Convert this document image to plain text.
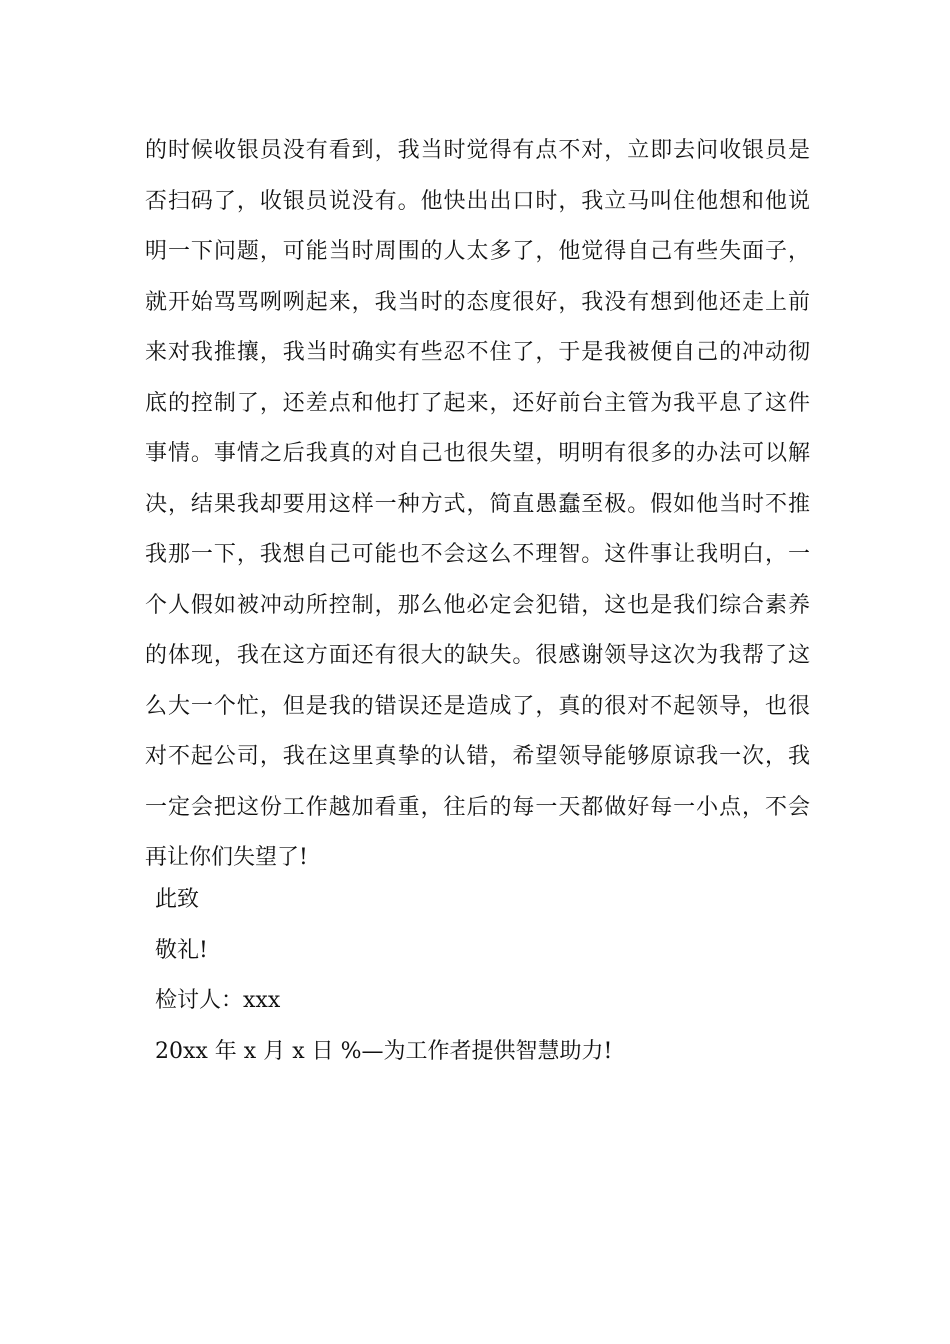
的时候收银员没有看到，我当时觉得有点不对，立即去问收银员是
否扫码了，收银员说没有。他快出出口时，我立马叫住他想和他说
明一下问题，可能当时周围的人太多了，他觉得自己有些失面子，
就开始骂骂咧咧起来，我当时的态度很好，我没有想到他还走上前
来对我推攘，我当时确实有些忍不住了，于是我被便自己的冲动彻
底的控制了，还差点和他打了起来，还好前台主管为我平息了这件
事情。事情之后我真的对自己也很失望，明明有很多的办法可以解
决，结果我却要用这样一种方式，简直愚蠢至极。假如他当时不推
我那一下，我想自己可能也不会这么不理智。这件事让我明白，一
个人假如被冲动所控制，那么他必定会犯错，这也是我们综合素养
的体现，我在这方面还有很大的缺失。很感谢领导这次为我帮了这
么大一个忙，但是我的错误还是造成了，真的很对不起领导，也很
对不起公司，我在这里真挚的认错，希望领导能够原谅我一次，我
一定会把这份工作越加看重，往后的每一天都做好每一小点，不会
再让你们失望了!
此致
敬礼!
检讨人：xxx
20xx 年 x 月 x 日 %—为工作者提供智慧助力!
